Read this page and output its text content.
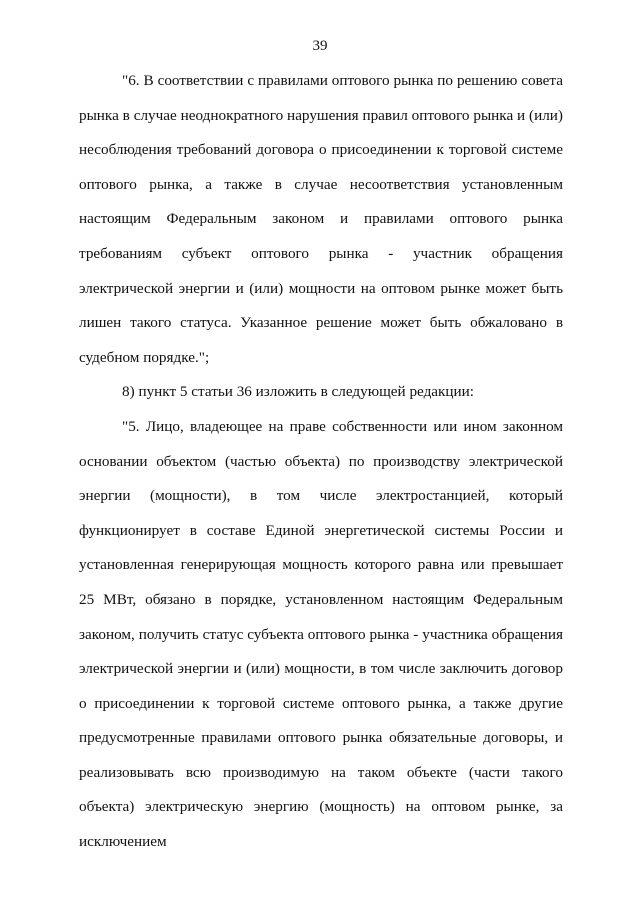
39

"6. В соответствии с правилами оптового рынка по решению совета рынка в случае неоднократного нарушения правил оптового рынка и (или) несоблюдения требований договора о присоединении к торговой системе оптового рынка, а также в случае несоответствия установленным настоящим Федеральным законом и правилами оптового рынка требованиям субъект оптового рынка - участник обращения электрической энергии и (или) мощности на оптовом рынке может быть лишен такого статуса. Указанное решение может быть обжаловано в судебном порядке.";

8) пункт 5 статьи 36 изложить в следующей редакции:

"5. Лицо, владеющее на праве собственности или ином законном основании объектом (частью объекта) по производству электрической энергии (мощности), в том числе электростанцией, который функционирует в составе Единой энергетической системы России и установленная генерирующая мощность которого равна или превышает 25 МВт, обязано в порядке, установленном настоящим Федеральным законом, получить статус субъекта оптового рынка - участника обращения электрической энергии и (или) мощности, в том числе заключить договор о присоединении к торговой системе оптового рынка, а также другие предусмотренные правилами оптового рынка обязательные договоры, и реализовывать всю производимую на таком объекте (части такого объекта) электрическую энергию (мощность) на оптовом рынке, за исключением
